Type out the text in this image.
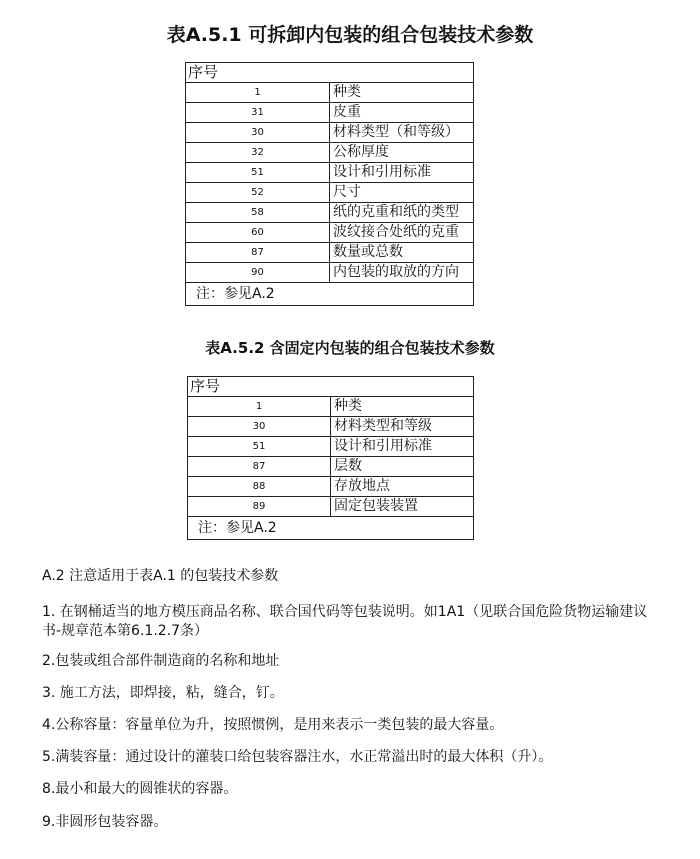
表A.5.1 可拆卸内包装的组合包装技术参数
序号	
1	种类
31	皮重
30	材料类型（和等级）
32	公称厚度
51	设计和引用标准
52	尺寸
58	纸的克重和纸的类型
60	波纹接合处纸的克重
87	数量或总数
90	内包装的取放的方向
注：参见A.2	
表A.5.2 含固定内包装的组合包装技术参数
序号	
1	种类
30	材料类型和等级
51	设计和引用标准
87	层数
88	存放地点
89	固定包装装置
注：参见A.2	
A.2 注意适用于表A.1 的包装技术参数
1. 在钢桶适当的地方模压商品名称、联合国代码等包装说明。如1A1（见联合国危险货物运输建议书-规章范本第6.1.2.7条）
2.包装或组合部件制造商的名称和地址
3. 施工方法，即焊接，粘，缝合，钉。
4.公称容量：容量单位为升，按照惯例，是用来表示一类包装的最大容量。
5.满装容量：通过设计的灌装口给包装容器注水，水正常溢出时的最大体积（升）。
8.最小和最大的圆锥状的容器。
9.非圆形包装容器。
